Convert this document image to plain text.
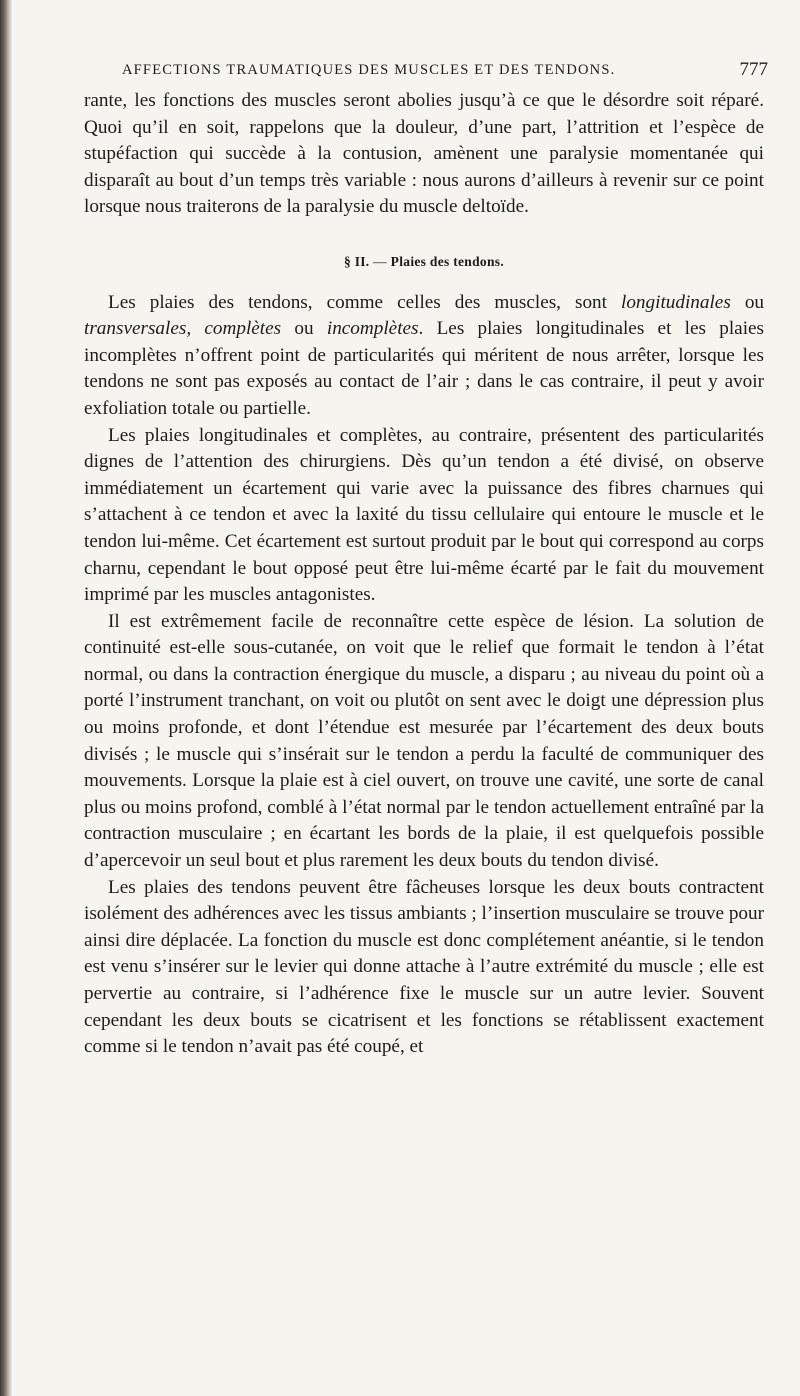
AFFECTIONS TRAUMATIQUES DES MUSCLES ET DES TENDONS.	777

rante, les fonctions des muscles seront abolies jusqu’à ce que le désordre soit réparé. Quoi qu’il en soit, rappelons que la douleur, d’une part, l’attrition et l’espèce de stupéfaction qui succède à la contusion, amènent une paralysie momentanée qui disparaît au bout d’un temps très variable : nous aurons d’ailleurs à revenir sur ce point lorsque nous traiterons de la paralysie du muscle deltoïde.

§ II. — Plaies des tendons.

Les plaies des tendons, comme celles des muscles, sont longitudinales ou transversales, complètes ou incomplètes. Les plaies longitudinales et les plaies incomplètes n’offrent point de particularités qui méritent de nous arrêter, lorsque les tendons ne sont pas exposés au contact de l’air ; dans le cas contraire, il peut y avoir exfoliation totale ou partielle.

Les plaies longitudinales et complètes, au contraire, présentent des particularités dignes de l’attention des chirurgiens. Dès qu’un tendon a été divisé, on observe immédiatement un écartement qui varie avec la puissance des fibres charnues qui s’attachent à ce tendon et avec la laxité du tissu cellulaire qui entoure le muscle et le tendon lui-même. Cet écartement est surtout produit par le bout qui correspond au corps charnu, cependant le bout opposé peut être lui-même écarté par le fait du mouvement imprimé par les muscles antagonistes.

Il est extrêmement facile de reconnaître cette espèce de lésion. La solution de continuité est-elle sous-cutanée, on voit que le relief que formait le tendon à l’état normal, ou dans la contraction énergique du muscle, a disparu ; au niveau du point où a porté l’instrument tranchant, on voit ou plutôt on sent avec le doigt une dépression plus ou moins profonde, et dont l’étendue est mesurée par l’écartement des deux bouts divisés ; le muscle qui s’insérait sur le tendon a perdu la faculté de communiquer des mouvements. Lorsque la plaie est à ciel ouvert, on trouve une cavité, une sorte de canal plus ou moins profond, comblé à l’état normal par le tendon actuellement entraîné par la contraction musculaire ; en écartant les bords de la plaie, il est quelquefois possible d’apercevoir un seul bout et plus rarement les deux bouts du tendon divisé.

Les plaies des tendons peuvent être fâcheuses lorsque les deux bouts contractent isolément des adhérences avec les tissus ambiants ; l’insertion musculaire se trouve pour ainsi dire déplacée. La fonction du muscle est donc complétement anéantie, si le tendon est venu s’insérer sur le levier qui donne attache à l’autre extrémité du muscle ; elle est pervertie au contraire, si l’adhérence fixe le muscle sur un autre levier. Souvent cependant les deux bouts se cicatrisent et les fonctions se rétablissent exactement comme si le tendon n’avait pas été coupé, et
